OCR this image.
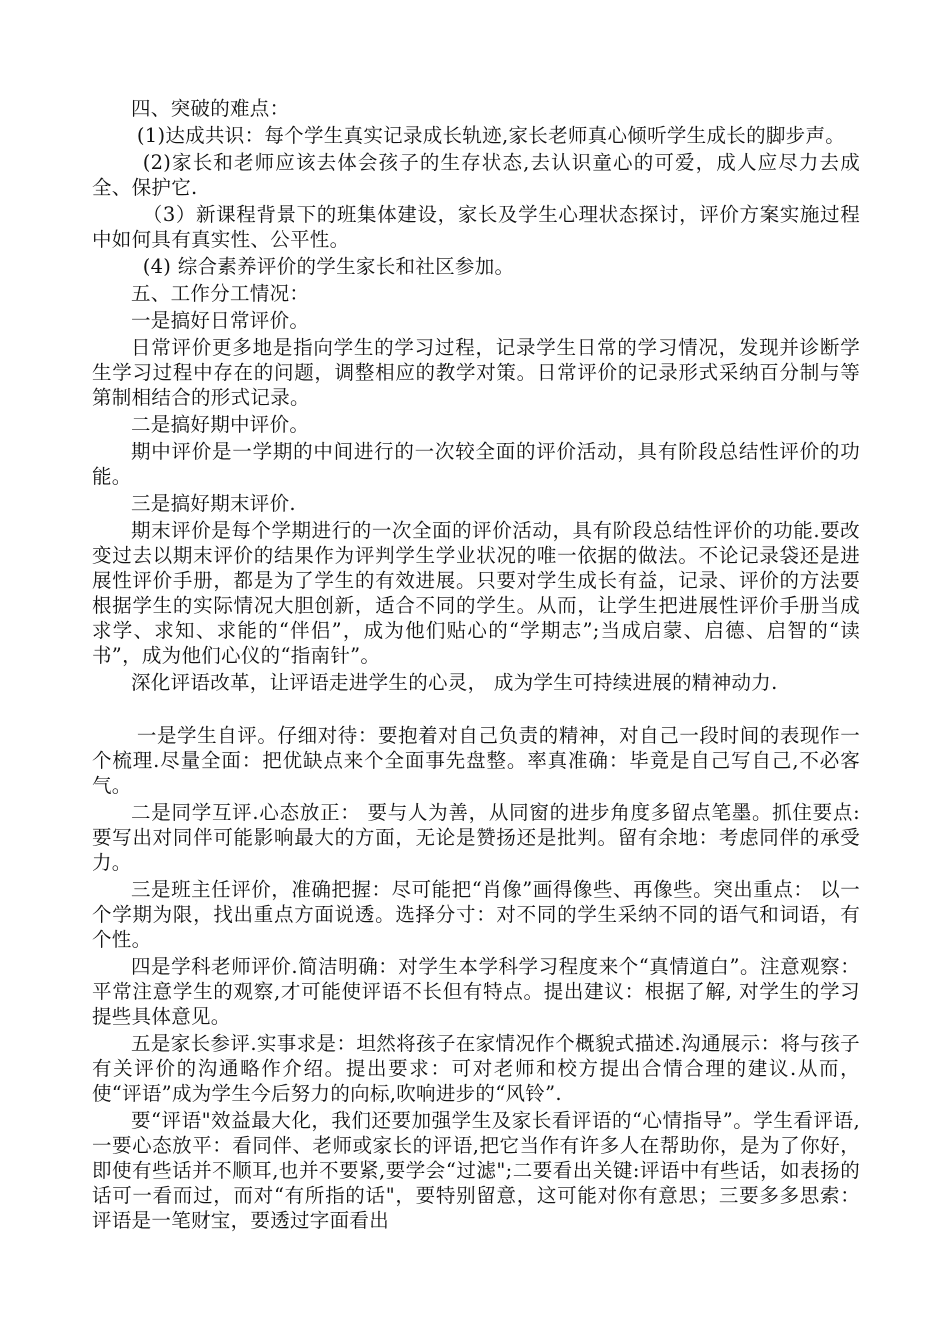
四、突破的难点：

(1)达成共识：每个学生真实记录成长轨迹,家长老师真心倾听学生成长的脚步声。

(2)家长和老师应该去体会孩子的生存状态,去认识童心的可爱，成人应尽力去成全、保护它.

（3）新课程背景下的班集体建设，家长及学生心理状态探讨，评价方案实施过程中如何具有真实性、公平性。

(4) 综合素养评价的学生家长和社区参加。

五、工作分工情况：

一是搞好日常评价。

日常评价更多地是指向学生的学习过程，记录学生日常的学习情况，发现并诊断学生学习过程中存在的问题，调整相应的教学对策。日常评价的记录形式采纳百分制与等第制相结合的形式记录。

二是搞好期中评价。

期中评价是一学期的中间进行的一次较全面的评价活动，具有阶段总结性评价的功能。

三是搞好期末评价.

期末评价是每个学期进行的一次全面的评价活动，具有阶段总结性评价的功能.要改变过去以期末评价的结果作为评判学生学业状况的唯一依据的做法。不论记录袋还是进展性评价手册，都是为了学生的有效进展。只要对学生成长有益，记录、评价的方法要根据学生的实际情况大胆创新，适合不同的学生。从而，让学生把进展性评价手册当成求学、求知、求能的“伴侣”，成为他们贴心的“学期志”;当成启蒙、启德、启智的“读书”，成为他们心仪的“指南针”。

深化评语改革，让评语走进学生的心灵， 成为学生可持续进展的精神动力.

一是学生自评。仔细对待：要抱着对自己负责的精神，对自己一段时间的表现作一个梳理.尽量全面：把优缺点来个全面事先盘整。率真准确：毕竟是自己写自己,不必客气。

二是同学互评.心态放正： 要与人为善，从同窗的进步角度多留点笔墨。抓住要点: 要写出对同伴可能影响最大的方面，无论是赞扬还是批判。留有余地：考虑同伴的承受力。

三是班主任评价，准确把握：尽可能把“肖像”画得像些、再像些。突出重点： 以一个学期为限，找出重点方面说透。选择分寸：对不同的学生采纳不同的语气和词语，有个性。

四是学科老师评价.简洁明确：对学生本学科学习程度来个“真情道白”。注意观察：平常注意学生的观察,才可能使评语不长但有特点。提出建议：根据了解, 对学生的学习提些具体意见。

五是家长参评.实事求是：坦然将孩子在家情况作个概貌式描述.沟通展示：将与孩子有关评价的沟通略作介绍。提出要求：可对老师和校方提出合情合理的建议.从而，使“评语”成为学生今后努力的向标,吹响进步的“风铃”.

要“评语"效益最大化，我们还要加强学生及家长看评语的“心情指导”。学生看评语,一要心态放平：看同伴、老师或家长的评语,把它当作有许多人在帮助你，是为了你好，即使有些话并不顺耳,也并不要紧,要学会“过滤";二要看出关键:评语中有些话，如表扬的话可一看而过，而对“有所指的话"，要特别留意，这可能对你有意思；三要多多思索：评语是一笔财宝，要透过字面看出
